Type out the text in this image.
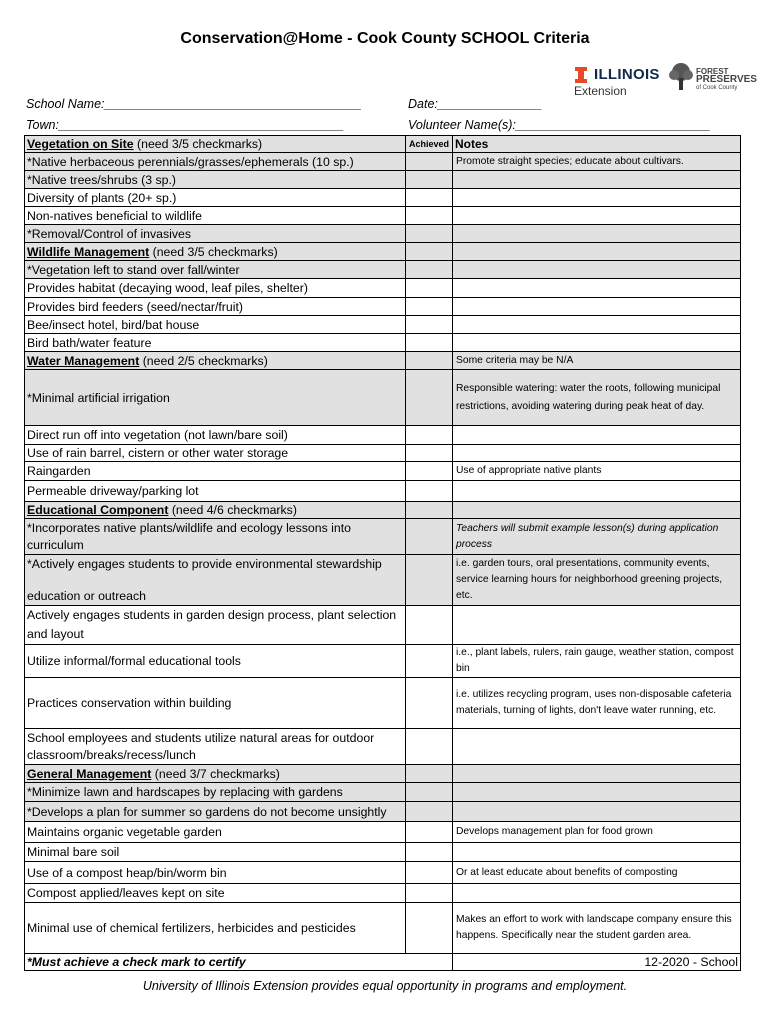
Conservation@Home - Cook County SCHOOL Criteria
ILLINOIS
Extension
FOREST
PRESERVES
of Cook County
School Name:_____________________________________	Date:_______________
Town:_________________________________________	Volunteer Name(s):____________________________
Vegetation on Site (need 3/5 checkmarks)	Achieved	Notes
*Native herbaceous perennials/grasses/ephemerals (10 sp.)		Promote straight species; educate about cultivars.
*Native trees/shrubs (3 sp.)		
Diversity of plants (20+ sp.)		
Non-natives beneficial to wildlife		
*Removal/Control of invasives		
Wildlife Management (need 3/5 checkmarks)		
*Vegetation left to stand over fall/winter		
Provides habitat (decaying wood, leaf piles, shelter)		
Provides bird feeders (seed/nectar/fruit)		
Bee/insect hotel, bird/bat house		
Bird bath/water feature		
Water Management (need 2/5 checkmarks)		Some criteria may be N/A
*Minimal artificial irrigation		Responsible watering: water the roots, following municipal restrictions, avoiding watering during peak heat of day.
Direct run off into vegetation (not lawn/bare soil)		
Use of rain barrel, cistern or other water storage		
Raingarden		Use of appropriate native plants
Permeable driveway/parking lot		
Educational Component (need 4/6 checkmarks)		
*Incorporates native plants/wildlife and ecology lessons into curriculum		Teachers will submit example lesson(s) during application process

*Actively engages students to provide environmental stewardship
education or outreach		i.e. garden tours, oral presentations, community events, service learning hours for neighborhood greening projects, etc.
Actively engages students in garden design process, plant selection and layout		
Utilize informal/formal educational tools		i.e., plant labels, rulers, rain gauge, weather station, compost bin
Practices conservation within building		i.e. utilizes recycling program, uses non-disposable cafeteria materials, turning of lights, don't leave water running, etc.
School employees and students utilize natural areas for outdoor classroom/breaks/recess/lunch		
General Management (need 3/7 checkmarks)		
*Minimize lawn and hardscapes by replacing with gardens		
*Develops a plan for summer so gardens do not become unsightly		
Maintains organic vegetable garden		Develops management plan for food grown
Minimal bare soil		
Use of a compost heap/bin/worm bin		Or at least educate about benefits of composting
Compost applied/leaves kept on site		
Minimal use of chemical fertilizers, herbicides and pesticides		Makes an effort to work with landscape company ensure this happens. Specifically near the student garden area.
*Must achieve a check mark to certify		12-2020 - School
University of Illinois Extension provides equal opportunity in programs and employment.
